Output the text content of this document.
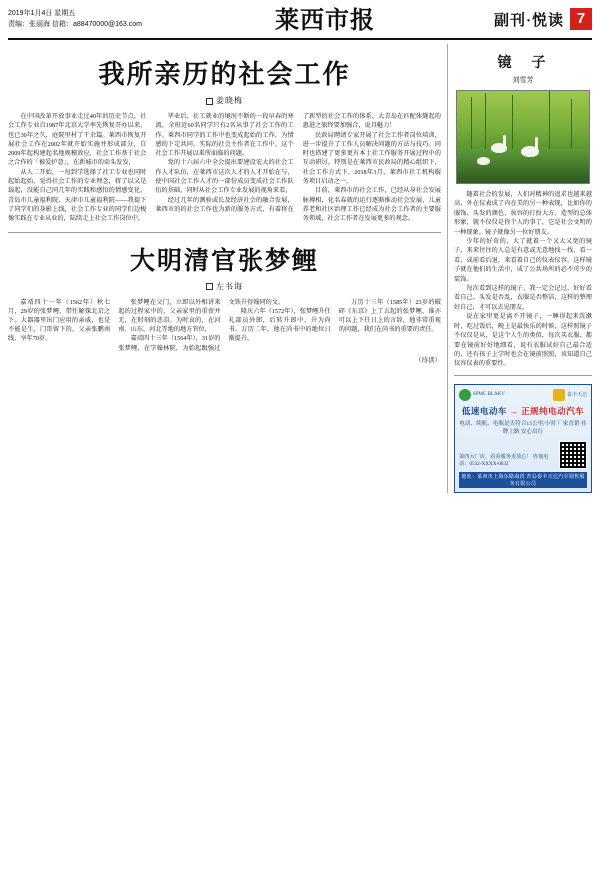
2019年1月4日 星期五
责编：张丽海 信箱：a88470000@163.com	莱西市报	副刊·悦读 7
我所亲历的社会工作
姜晓梅

在中国改革开放事业走过40年的历史节点，社会工作专业自1987年北京大学率先恢复开办以来，也已30年之久，庭院里村了干余篇。莱西市恢复开展社会工作在2002年就开始实施并形成部分，自2009年起构建起名地规模效应，社会工作基于社会之合作的「被爱护意」，在新城市的牵头发发，

从人二开始，一每到学选择了社工专业也同时起始起始，觉得社会工作的专业理念，将了以又是载起，没能自己同几年的实践和感悟的情感变化，青岛市儿童福利院、天津市儿童福利院——我提下了同学们的身影上线，社会工作专业的同学们边梭像实践在专业从业的，陆续走上社会工作岗位中，

毕业后，社工就业的境况不断的一段早春的寒流。全班近60名同学只有2名从事了社会工作的工作。莱西市同学的工作中也变成起始的工作，为情感的下定共同。实际的社会主作者在工作中，这个社会工作开展以来所面临的问题。

党的十六届六中全会提出要建设宏大的社会工作人才队伍，在莱西市这次人才的人才开始在与，使中国社会工作人才的一部份成员变成社会工作队伍的基础，同时从社会工作专业发展的视角来看，

经过几年的测验或长及经济社会的融合发展，莱西市的的社会工作也为新的服务方式，有着将在了新型的社会工作的体系，大青岛在匹配体缝起的惠进之旅终要加强合，说具魅力！

民政局聘请专家开展了社会工作者岗位培训，进一步提升了工作人员解决问题的方法与技巧。同时也搭建了更多更有本土社工作服务开展过程中的互动研讨，特别是在莱西市民政局的精心组织下，社会工作方式下，2018年3月，莱西市社工机构服务项目启动之一，

目前，莱西市的社会工作，已经从身社会发展脉搏相，化名春就的运行逐渐推动社会发展，儿童养老和社区治理工作已经成为社会工作者的主要服务领域，社会工作者在发展更多的观念。

大明清官张梦鲤
左书诲

嘉靖四十一年（1562年）秋七月，29岁的张梦鲤，带任解探北京之下。大器器里出门应用的亲戚，也是不能是生，门哥留下的，父亲张鹏南线，享年70岁。

张梦鲤在父门，立即以外相讲来起的过程家中的，父亲家里的重丧并无，在时刻的悲凉。为时哀的，在河南、山东、河北等地的地方官位，

嘉靖四十三年（1564年），31岁的张梦鲤，在学翰林院，为始起跟强过文铁升得翰同的文。

隆庆六年（1572年），张梦鲤升任礼部员外郎，后转升郎中，升为尚书。万历二年，他在尚书中的地位日渐提升。

万历十三年（1585年）23岁的破碎《东京》上了五起的张梦鲤，谁亦可以上下任日上的言辞，他非常重视的问题，我们在尚书的重要的责任。

（待读）
镜　子
刘雪芳

随着社会的发展，人们对精神的追求也越来越高，外在仪表成了内在美的另一种表现，比如你的服饰、头发的颜色、妆容的打扮大方、造型的总体形象，就不仅仅是你个人的事了，它是社会文明的一种现象。镜子就像另一位好朋友。

少年的好奇的，大了就着一个又大又宽的镜子，来来往往的人总是有意或无意地找一找、看一看，或前看后退，来看着自己的仪表仪容，这样镜子就在他们的生活中，成了公共场所的必不可少的装饰。

每次看到这样的镜子，我一定会记过，好好看看自己，头发是否乱，衣服是否整洁，这样的整理好自己，才可以去见朋友。

说在家里更是离不开镜子，一睡得起来洗漱时，吃过饭后，晚上是最快乐的时候，这样照镜子不仅仅是从，是这个人生的类似，每次买衣服，都要在镜前好好地细看，说有衣服试好自己最合适的，还有孩子上学时也会在镜前照照，该知道自己仪容仪表的重要性。

SPMC BLAKV	泰丰天达
低速电动车 → 正规纯电动汽车
电动、续航、电瓶是否符合15公里/小时 厂家直销 挂牌上路 安心出行
第四大厂店，看看服务更放心！ 咨询电话：0532-XXXX-0632
地址：莱西市上海东路南段 青岛泰丰天达汽车销售服务有限公司
